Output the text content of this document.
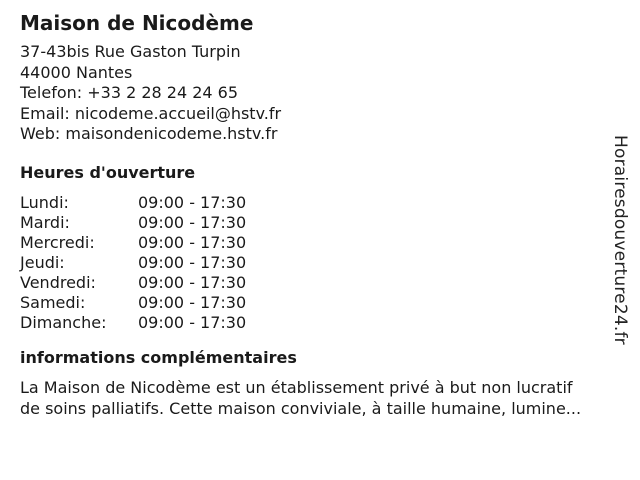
Maison de Nicodème
37-43bis Rue Gaston Turpin
44000 Nantes
Telefon: +33 2 28 24 24 65
Email: nicodeme.accueil@hstv.fr
Web: maisondenicodeme.hstv.fr
Heures d'ouverture
Lundi:	09:00 - 17:30
Mardi:	09:00 - 17:30
Mercredi:	09:00 - 17:30
Jeudi:	09:00 - 17:30
Vendredi:	09:00 - 17:30
Samedi:	09:00 - 17:30
Dimanche:	09:00 - 17:30
informations complémentaires
La Maison de Nicodème est un établissement privé à but non lucratif
de soins palliatifs. Cette maison conviviale, à taille humaine, lumine...
Horairesdouverture24.fr
